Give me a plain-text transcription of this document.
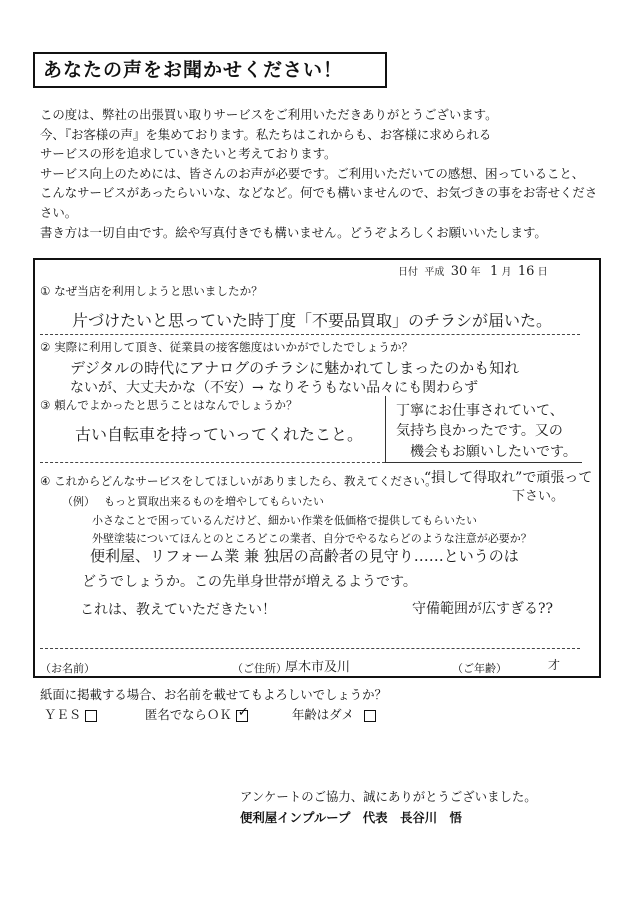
あなたの声をお聞かせください！
この度は、弊社の出張買い取りサービスをご利用いただきありがとうございます。
今、『お客様の声』を集めております。私たちはこれからも、お客様に求められる
サービスの形を追求していきたいと考えております。
サービス向上のためには、皆さんのお声が必要です。ご利用いただいての感想、困っていること、
こんなサービスがあったらいいな、などなど。何でも構いませんので、お気づきの事をお寄せくださ
さい。
書き方は一切自由です。絵や写真付きでも構いません。どうぞよろしくお願いいたします。
日付 平成 30 年 1 月 16 日
① なぜ当店を利用しようと思いましたか？
片づけたいと思っていた時丁度「不要品買取」のチラシが届いた。
② 実際に利用して頂き、従業員の接客態度はいかがでしたでしょうか？
デジタルの時代にアナログのチラシに魅かれてしまったのかも知れ
ないが、大丈夫かな（不安）→ なりそうもない品々にも関わらず
③ 頼んでよかったと思うことはなんでしょうか？
古い自転車を持っていってくれたこと。
丁寧にお仕事されていて、
気持ち良かったです。又の
機会もお願いしたいです。
④ これからどんなサービスをしてほしいがありましたら、教えてください。
“損して得取れ”で頑張って
下さい。
（例） もっと買取出来るものを増やしてもらいたい
小さなことで困っているんだけど、細かい作業を低価格で提供してもらいたい
外壁塗装についてほんとのところどこの業者、自分でやるならどのような注意が必要か？
便利屋、リフォーム業 兼 独居の高齢者の見守り……というのは
どうでしょうか。この先単身世帯が増えるようです。
これは、教えていただきたい！	守備範囲が広すぎる??
（お名前）	（ご住所）
厚木市及川	（ご年齢）	才
紙面に掲載する場合、お名前を載せてもよろしいでしょうか？
ＹＥＳ	匿名でならＯＫ ✓	年齢はダメ
アンケートのご協力、誠にありがとうございました。
便利屋インプループ　代表　長谷川　悟
